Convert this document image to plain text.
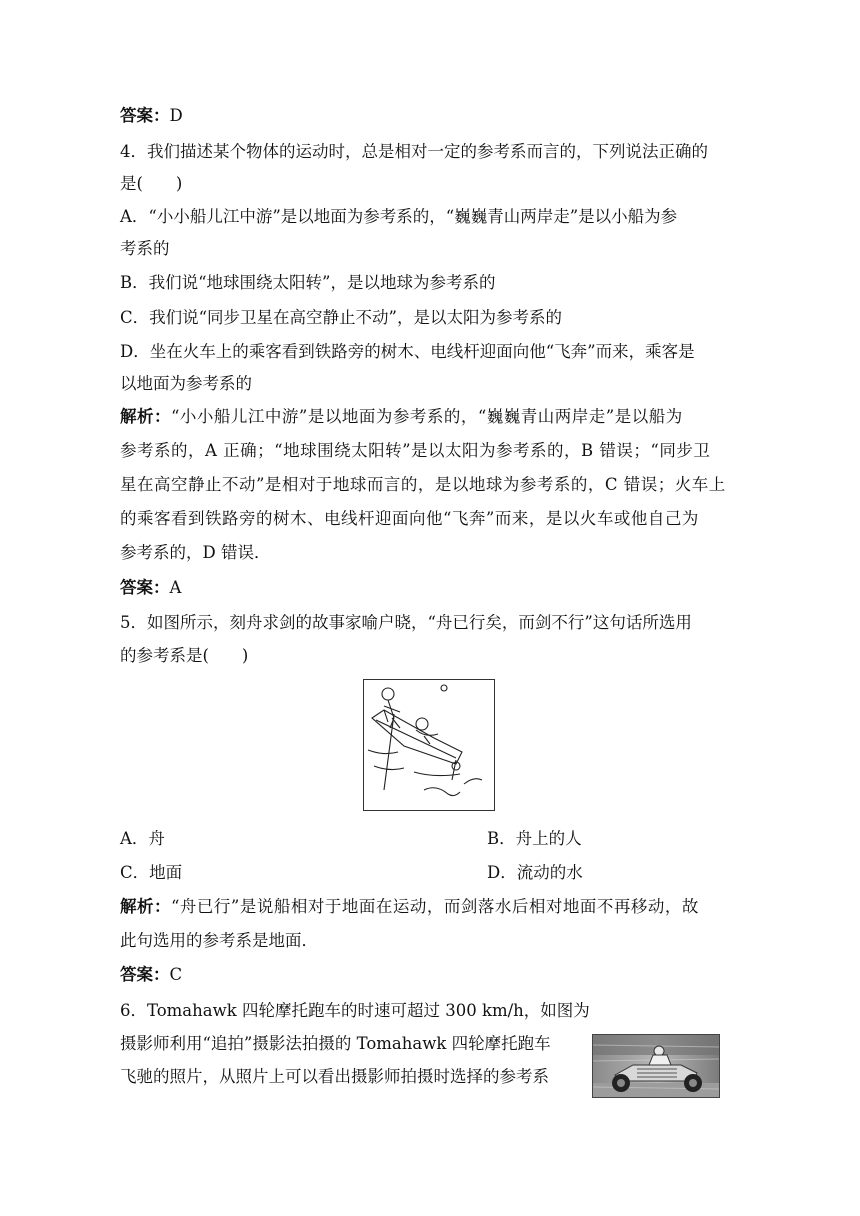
答案：D
4．我们描述某个物体的运动时，总是相对一定的参考系而言的，下列说法正确的
是(　　)
A．“小小船儿江中游”是以地面为参考系的，“巍巍青山两岸走”是以小船为参
考系的
B．我们说“地球围绕太阳转”，是以地球为参考系的
C．我们说“同步卫星在高空静止不动”，是以太阳为参考系的
D．坐在火车上的乘客看到铁路旁的树木、电线杆迎面向他“飞奔”而来，乘客是
以地面为参考系的
解析：“小小船儿江中游”是以地面为参考系的，“巍巍青山两岸走”是以船为
参考系的，A 正确；“地球围绕太阳转”是以太阳为参考系的，B 错误；“同步卫
星在高空静止不动”是相对于地球而言的，是以地球为参考系的，C 错误；火车上
的乘客看到铁路旁的树木、电线杆迎面向他“飞奔”而来，是以火车或他自己为
参考系的，D 错误．
答案：A
5．如图所示，刻舟求剑的故事家喻户晓，“舟已行矣，而剑不行”这句话所选用
的参考系是(　　)
A．舟	B．舟上的人
C．地面	D．流动的水
解析：“舟已行”是说船相对于地面在运动，而剑落水后相对地面不再移动，故
此句选用的参考系是地面．
答案：C
6．Tomahawk 四轮摩托跑车的时速可超过 300 km/h，如图为
摄影师利用“追拍”摄影法拍摄的 Tomahawk 四轮摩托跑车
飞驰的照片，从照片上可以看出摄影师拍摄时选择的参考系
